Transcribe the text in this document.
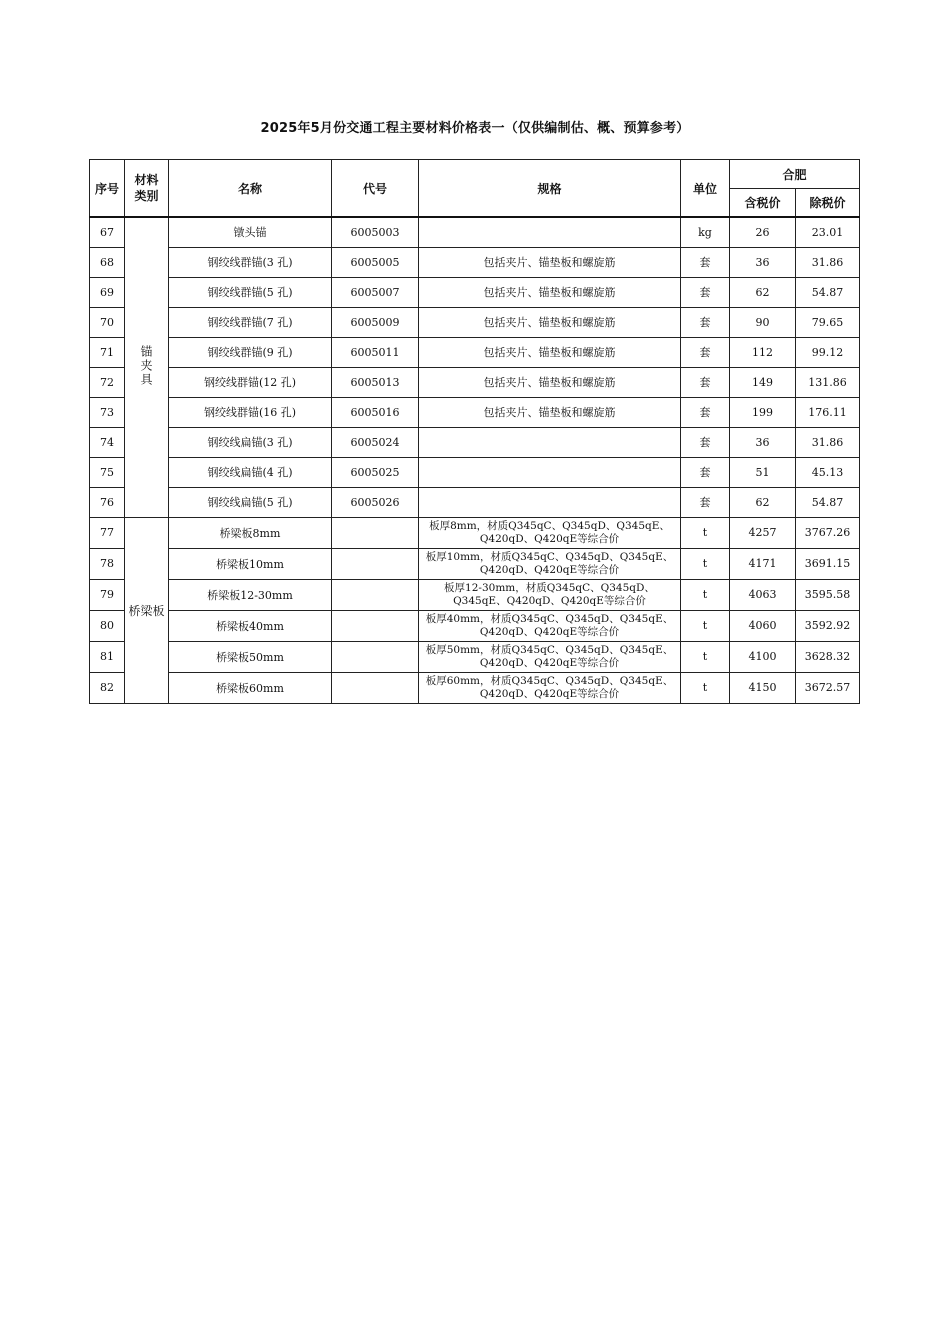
2025年5月份交通工程主要材料价格表一（仅供编制估、概、预算参考）
序号	材料类别	名称	代号	规格	单位	合肥	
						含税价	除税价
67	锚夹具	镦头锚	6005003		kg	26	23.01
68		钢绞线群锚(3 孔)	6005005	包括夹片、锚垫板和螺旋筋	套	36	31.86
69		钢绞线群锚(5 孔)	6005007	包括夹片、锚垫板和螺旋筋	套	62	54.87
70		钢绞线群锚(7 孔)	6005009	包括夹片、锚垫板和螺旋筋	套	90	79.65
71		钢绞线群锚(9 孔)	6005011	包括夹片、锚垫板和螺旋筋	套	112	99.12
72		钢绞线群锚(12 孔)	6005013	包括夹片、锚垫板和螺旋筋	套	149	131.86
73		钢绞线群锚(16 孔)	6005016	包括夹片、锚垫板和螺旋筋	套	199	176.11
74		钢绞线扁锚(3 孔)	6005024		套	36	31.86
75		钢绞线扁锚(4 孔)	6005025		套	51	45.13
76		钢绞线扁锚(5 孔)	6005026		套	62	54.87
77	桥梁板	桥梁板8mm		板厚8mm，材质Q345qC、Q345qD、Q345qE、Q420qD、Q420qE等综合价	t	4257	3767.26
78		桥梁板10mm		板厚10mm，材质Q345qC、Q345qD、Q345qE、Q420qD、Q420qE等综合价	t	4171	3691.15
79		桥梁板12-30mm		板厚12-30mm，材质Q345qC、Q345qD、Q345qE、Q420qD、Q420qE等综合价	t	4063	3595.58
80		桥梁板40mm		板厚40mm，材质Q345qC、Q345qD、Q345qE、Q420qD、Q420qE等综合价	t	4060	3592.92
81		桥梁板50mm		板厚50mm，材质Q345qC、Q345qD、Q345qE、Q420qD、Q420qE等综合价	t	4100	3628.32
82		桥梁板60mm		板厚60mm，材质Q345qC、Q345qD、Q345qE、Q420qD、Q420qE等综合价	t	4150	3672.57
